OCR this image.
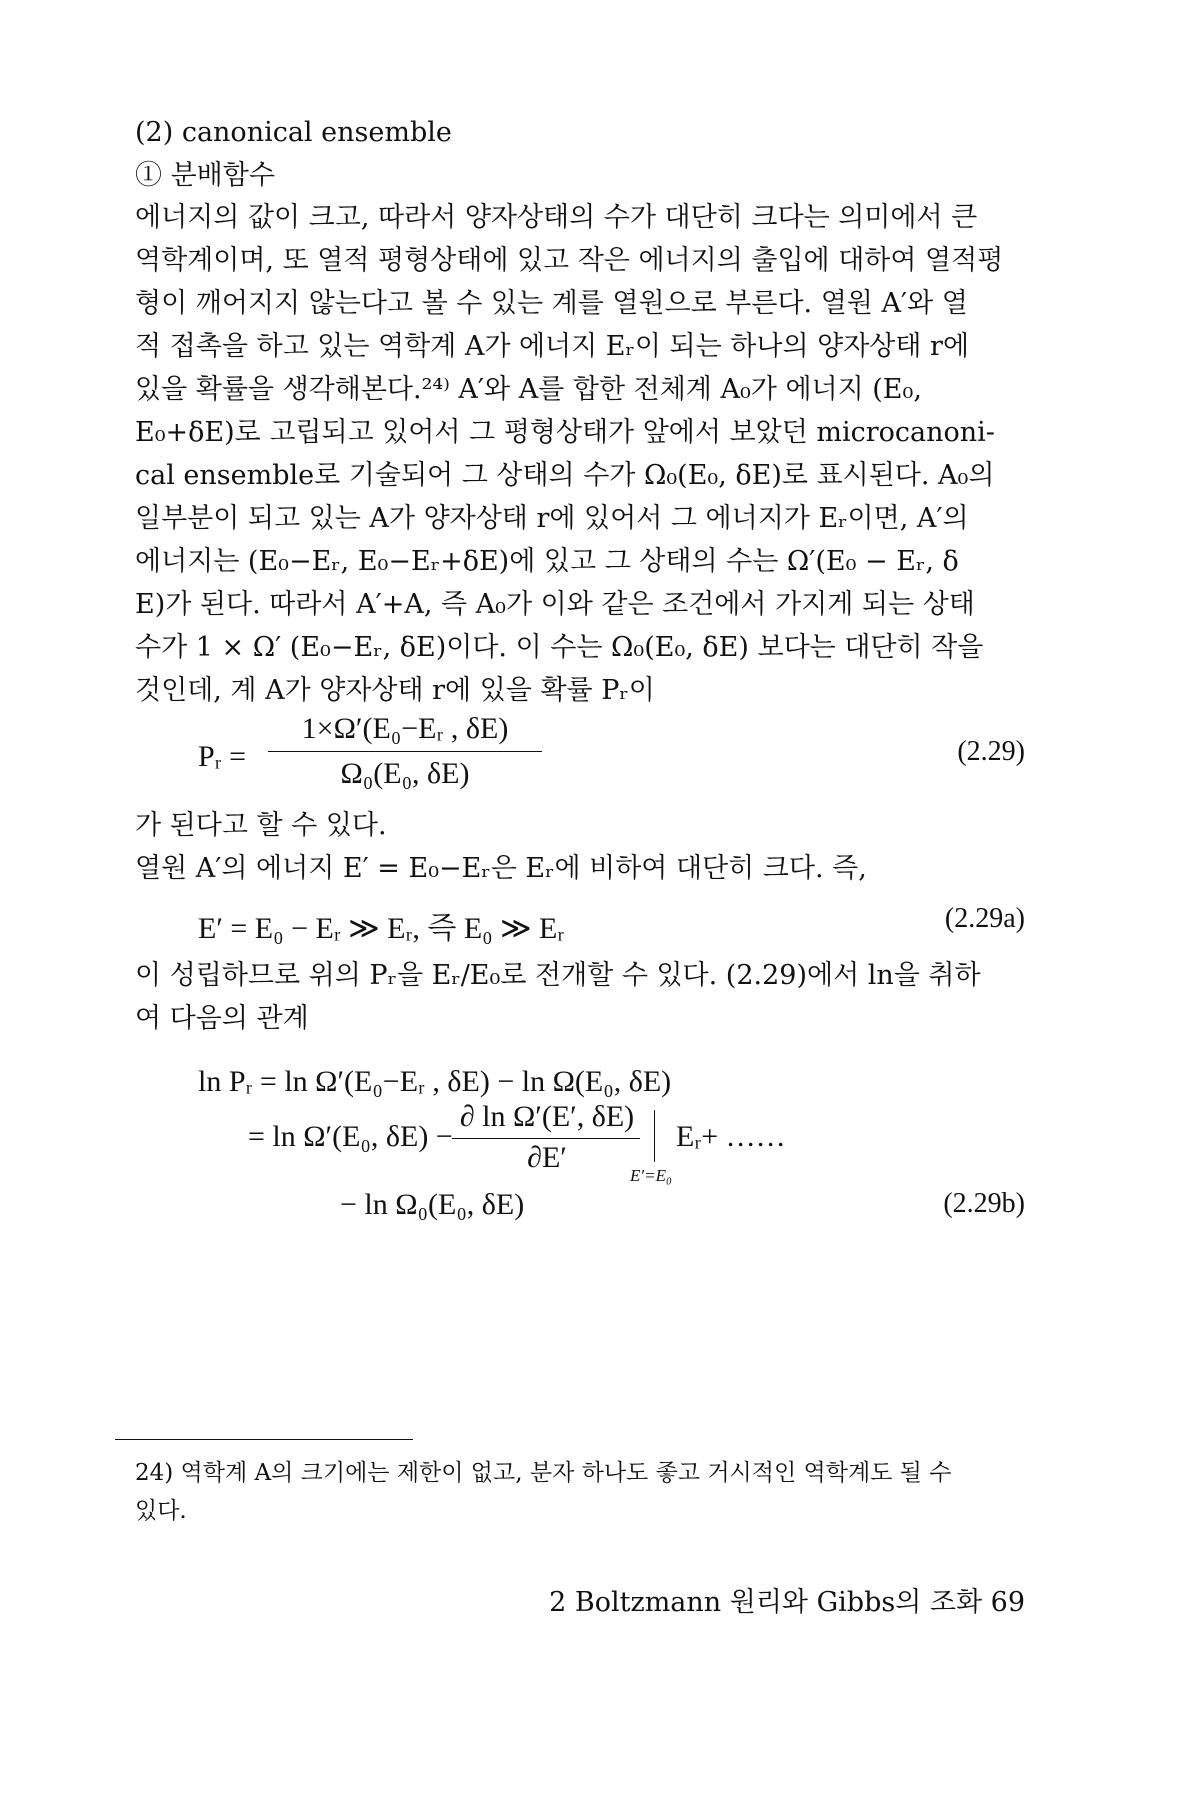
(2) canonical ensemble
① 분배함수
에너지의 값이 크고, 따라서 양자상태의 수가 대단히 크다는 의미에서 큰
역학계이며, 또 열적 평형상태에 있고 작은 에너지의 출입에 대하여 열적평
형이 깨어지지 않는다고 볼 수 있는 계를 열원으로 부른다. 열원 A′와 열
적 접촉을 하고 있는 역학계 A가 에너지 Eᵣ이 되는 하나의 양자상태 r에
있을 확률을 생각해본다.²⁴⁾ A′와 A를 합한 전체계 A₀가 에너지 (E₀,
E₀+δE)로 고립되고 있어서 그 평형상태가 앞에서 보았던 microcanoni-
cal ensemble로 기술되어 그 상태의 수가 Ω₀(E₀, δE)로 표시된다. A₀의
일부분이 되고 있는 A가 양자상태 r에 있어서 그 에너지가 Eᵣ이면, A′의
에너지는 (E₀−Eᵣ, E₀−Eᵣ+δE)에 있고 그 상태의 수는 Ω′(E₀ − Eᵣ, δ
E)가 된다. 따라서 A′+A, 즉 A₀가 이와 같은 조건에서 가지게 되는 상태
수가 1 × Ω′ (E₀−Eᵣ, δE)이다. 이 수는 Ω₀(E₀, δE) 보다는 대단히 작을
것인데, 계 A가 양자상태 r에 있을 확률 Pᵣ이
Pᵣ =
1×Ω′(E₀−Eᵣ , δE)
Ω₀(E₀, δE)
(2.29)
가 된다고 할 수 있다.
열원 A′의 에너지 E′ = E₀−Eᵣ은 Eᵣ에 비하여 대단히 크다. 즉,
E′ = E₀ − Eᵣ ≫ Eᵣ, 즉 E₀ ≫ Eᵣ	(2.29a)
이 성립하므로 위의 Pᵣ을 Eᵣ/E₀로 전개할 수 있다. (2.29)에서 ln을 취하
여 다음의 관계
ln Pᵣ = ln Ω′(E₀−Eᵣ , δE) − ln Ω(E₀, δE)
= ln Ω′(E₀, δE) −
∂ ln Ω′(E′, δE)
∂E′
E′=E₀
Eᵣ+ ……
− ln Ω₀(E₀, δE)	(2.29b)
24) 역학계 A의 크기에는 제한이 없고, 분자 하나도 좋고 거시적인 역학계도 될 수
있다.
2 Boltzmann 원리와 Gibbs의 조화 69
